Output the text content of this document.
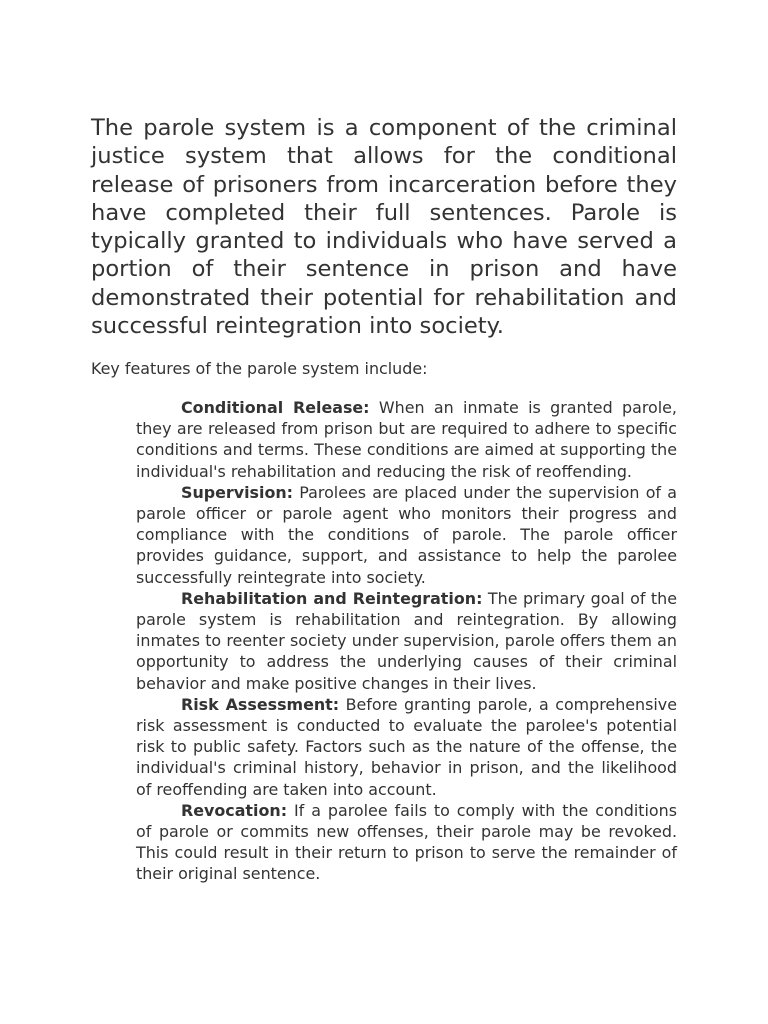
The parole system is a component of the criminal justice system that allows for the conditional release of prisoners from incarceration before they have completed their full sentences. Parole is typically granted to individuals who have served a portion of their sentence in prison and have demonstrated their potential for rehabilitation and successful reintegration into society.

Key features of the parole system include:

Conditional Release: When an inmate is granted parole, they are released from prison but are required to adhere to specific conditions and terms. These conditions are aimed at supporting the individual's rehabilitation and reducing the risk of reoffending.
Supervision: Parolees are placed under the supervision of a parole officer or parole agent who monitors their progress and compliance with the conditions of parole. The parole officer provides guidance, support, and assistance to help the parolee successfully reintegrate into society.
Rehabilitation and Reintegration: The primary goal of the parole system is rehabilitation and reintegration. By allowing inmates to reenter society under supervision, parole offers them an opportunity to address the underlying causes of their criminal behavior and make positive changes in their lives.
Risk Assessment: Before granting parole, a comprehensive risk assessment is conducted to evaluate the parolee's potential risk to public safety. Factors such as the nature of the offense, the individual's criminal history, behavior in prison, and the likelihood of reoffending are taken into account.
Revocation: If a parolee fails to comply with the conditions of parole or commits new offenses, their parole may be revoked. This could result in their return to prison to serve the remainder of their original sentence.
